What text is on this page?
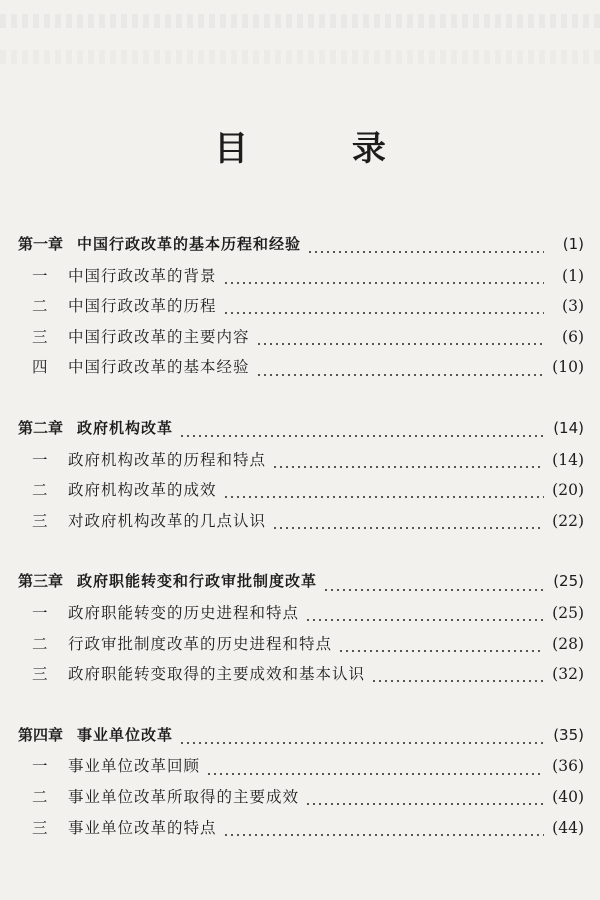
目 录
第一章 中国行政改革的基本历程和经验	(1)
一	中国行政改革的背景	(1)
二	中国行政改革的历程	(3)
三	中国行政改革的主要内容	(6)
四	中国行政改革的基本经验	(10)
第二章 政府机构改革	(14)
一	政府机构改革的历程和特点	(14)
二	政府机构改革的成效	(20)
三	对政府机构改革的几点认识	(22)
第三章 政府职能转变和行政审批制度改革	(25)
一	政府职能转变的历史进程和特点	(25)
二	行政审批制度改革的历史进程和特点	(28)
三	政府职能转变取得的主要成效和基本认识	(32)
第四章 事业单位改革	(35)
一	事业单位改革回顾	(36)
二	事业单位改革所取得的主要成效	(40)
三	事业单位改革的特点	(44)
